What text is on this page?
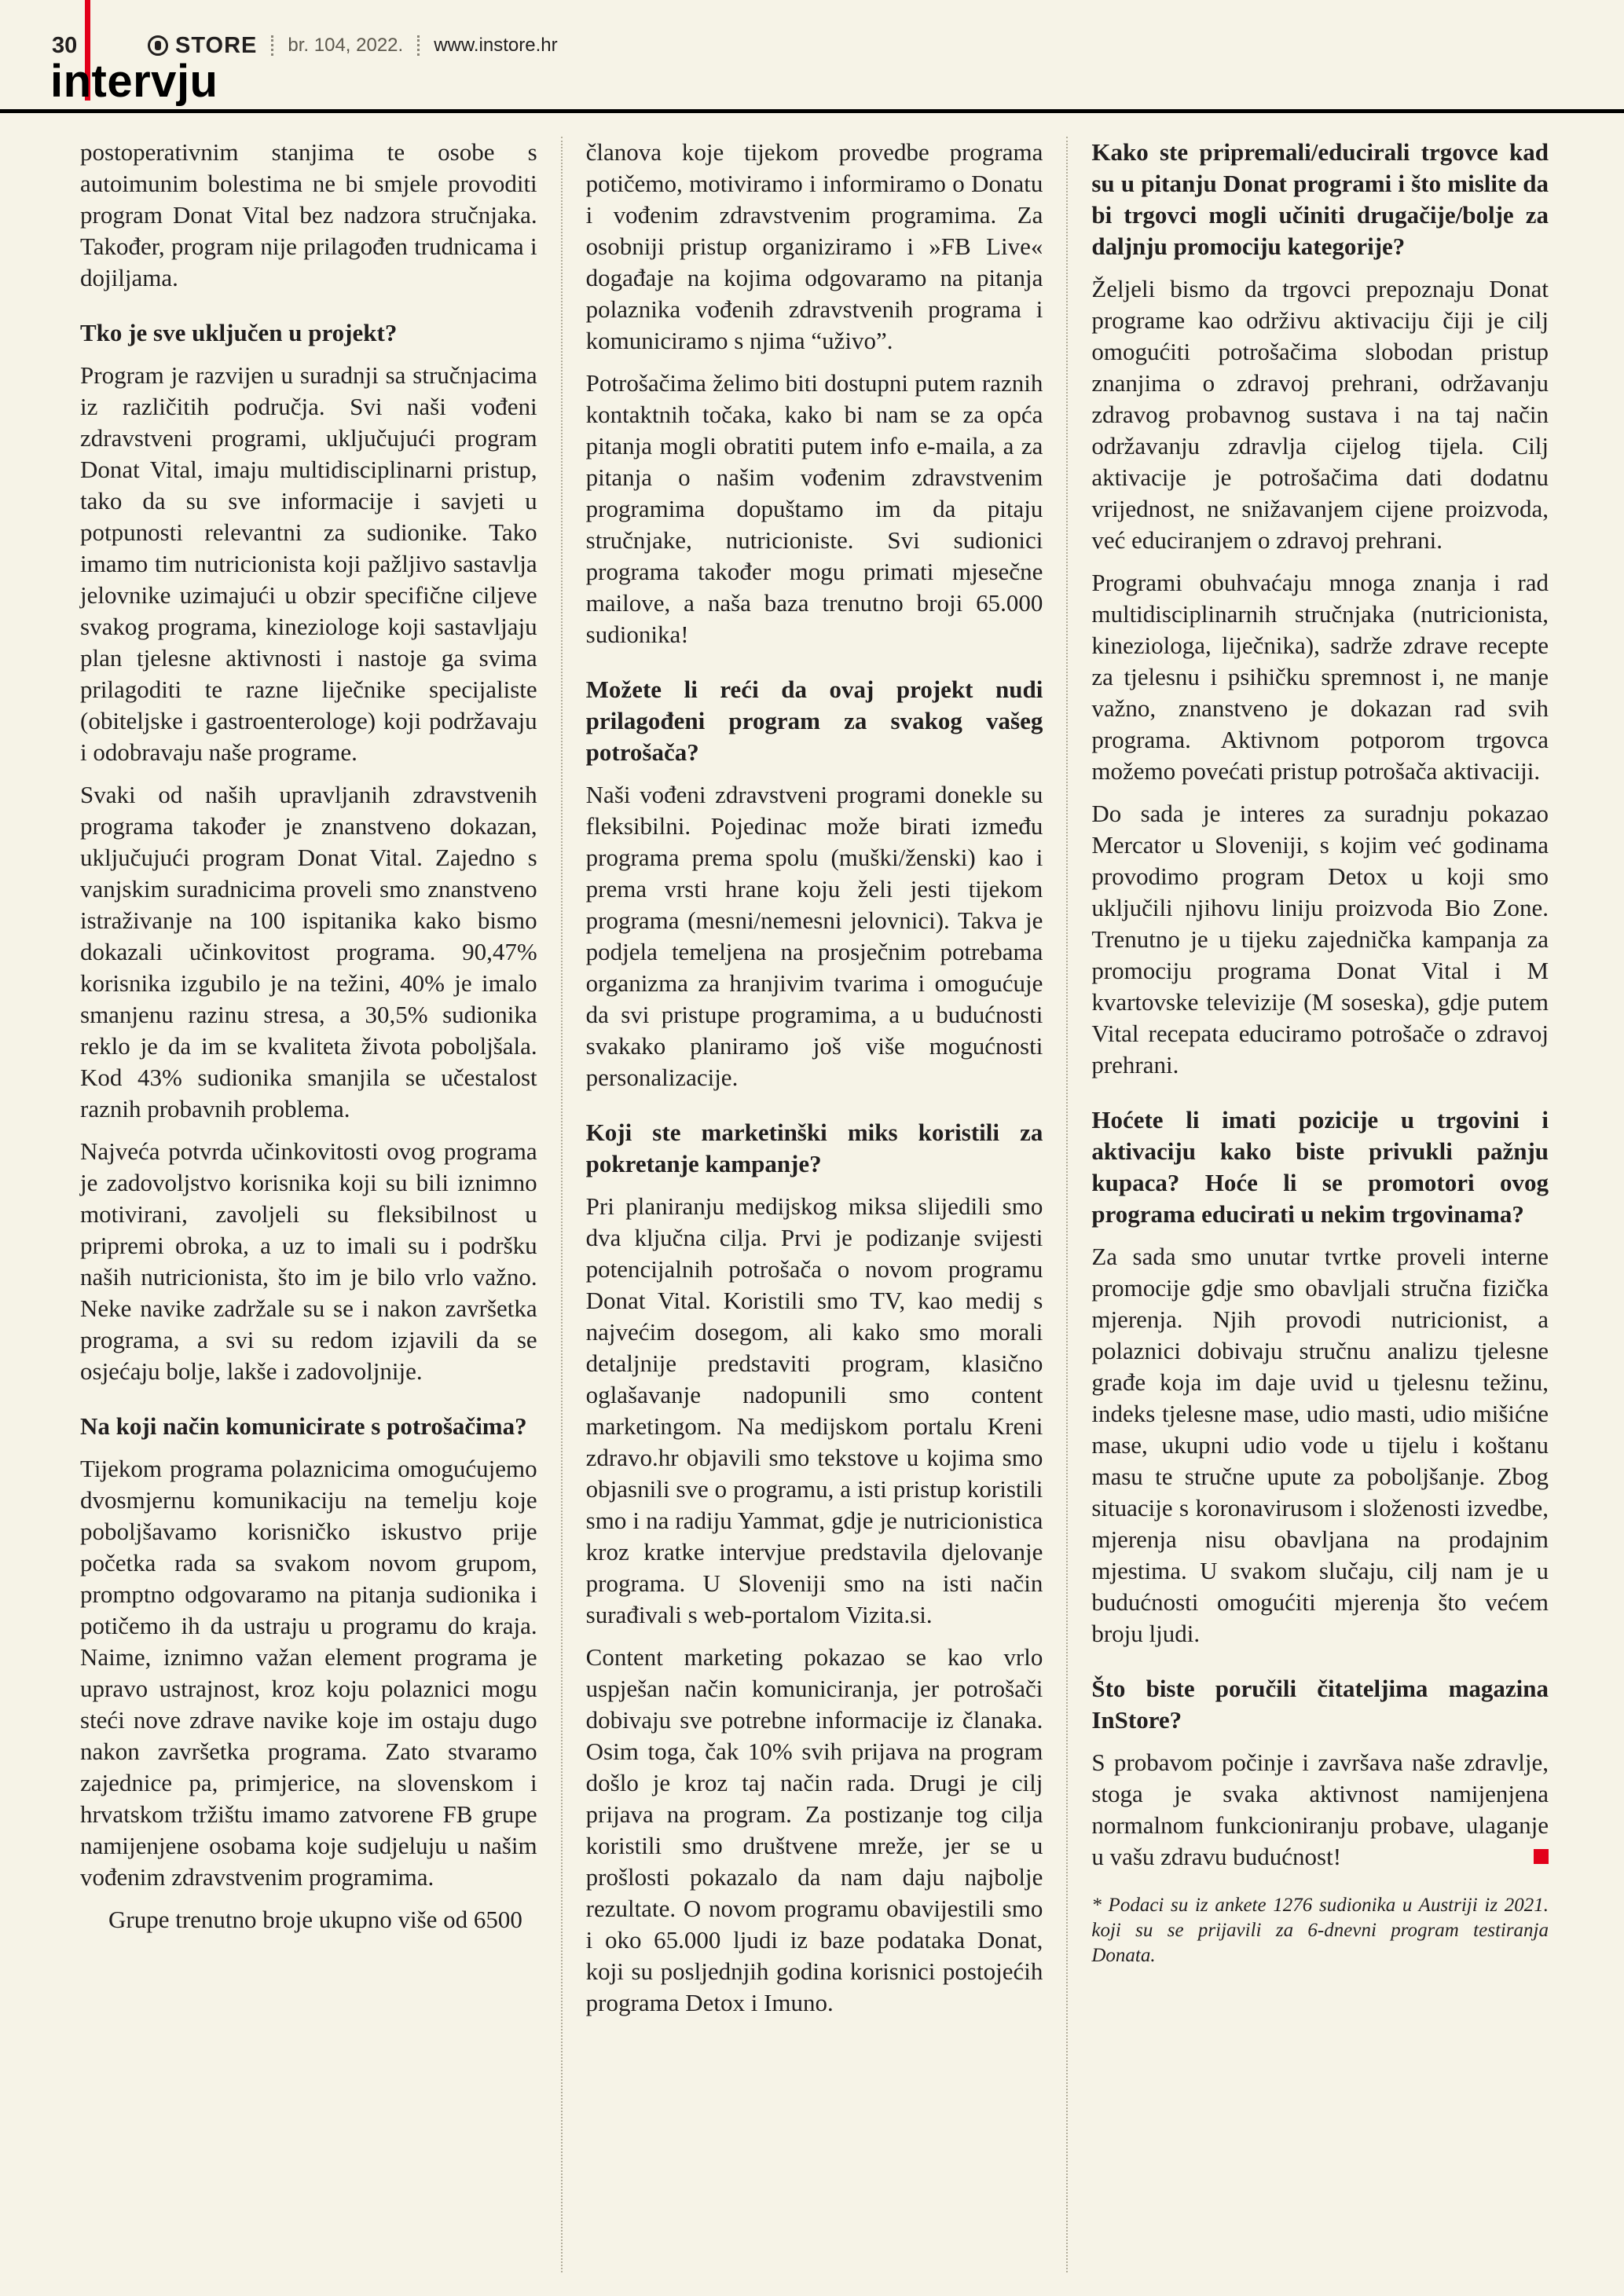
30	STORE br. 104, 2022. www.instore.hr
intervju

postoperativnim stanjima te osobe s autoimunim bolestima ne bi smjele provoditi program Donat Vital bez nadzora stručnjaka. Također, program nije prilagođen trudnicama i dojiljama.

Tko je sve uključen u projekt?

Program je razvijen u suradnji sa stručnjacima iz različitih područja. Svi naši vođeni zdravstveni programi, uključujući program Donat Vital, imaju multidisciplinarni pristup, tako da su sve informacije i savjeti u potpunosti relevantni za sudionike. Tako imamo tim nutricionista koji pažljivo sastavlja jelovnike uzimajući u obzir specifične ciljeve svakog programa, kineziologe koji sastavljaju plan tjelesne aktivnosti i nastoje ga svima prilagoditi te razne liječnike specijaliste (obiteljske i gastroenterologe) koji podržavaju i odobravaju naše programe.

Svaki od naših upravljanih zdravstvenih programa također je znanstveno dokazan, uključujući program Donat Vital. Zajedno s vanjskim suradnicima proveli smo znanstveno istraživanje na 100 ispitanika kako bismo dokazali učinkovitost programa. 90,47% korisnika izgubilo je na težini, 40% je imalo smanjenu razinu stresa, a 30,5% sudionika reklo je da im se kvaliteta života poboljšala. Kod 43% sudionika smanjila se učestalost raznih probavnih problema.

Najveća potvrda učinkovitosti ovog programa je zadovoljstvo korisnika koji su bili iznimno motivirani, zavoljeli su fleksibilnost u pripremi obroka, a uz to imali su i podršku naših nutricionista, što im je bilo vrlo važno. Neke navike zadržale su se i nakon završetka programa, a svi su redom izjavili da se osjećaju bolje, lakše i zadovoljnije.

Na koji način komunicirate s potrošačima?

Tijekom programa polaznicima omogućujemo dvosmjernu komunikaciju na temelju koje poboljšavamo korisničko iskustvo prije početka rada sa svakom novom grupom, promptno odgovaramo na pitanja sudionika i potičemo ih da ustraju u programu do kraja. Naime, iznimno važan element programa je upravo ustrajnost, kroz koju polaznici mogu steći nove zdrave navike koje im ostaju dugo nakon završetka programa. Zato stvaramo zajednice pa, primjerice, na slovenskom i hrvatskom tržištu imamo zatvorene FB grupe namijenjene osobama koje sudjeluju u našim vođenim zdravstvenim programima.

Grupe trenutno broje ukupno više od 6500

članova koje tijekom provedbe programa potičemo, motiviramo i informiramo o Donatu i vođenim zdravstvenim programima. Za osobniji pristup organiziramo i »FB Live« događaje na kojima odgovaramo na pitanja polaznika vođenih zdravstvenih programa i komuniciramo s njima “uživo”.

Potrošačima želimo biti dostupni putem raznih kontaktnih točaka, kako bi nam se za opća pitanja mogli obratiti putem info e-maila, a za pitanja o našim vođenim zdravstvenim programima dopuštamo im da pitaju stručnjake, nutricioniste. Svi sudionici programa također mogu primati mjesečne mailove, a naša baza trenutno broji 65.000 sudionika!

Možete li reći da ovaj projekt nudi prilagođeni program za svakog vašeg potrošača?

Naši vođeni zdravstveni programi donekle su fleksibilni. Pojedinac može birati između programa prema spolu (muški/ženski) kao i prema vrsti hrane koju želi jesti tijekom programa (mesni/nemesni jelovnici). Takva je podjela temeljena na prosječnim potrebama organizma za hranjivim tvarima i omogućuje da svi pristupe programima, a u budućnosti svakako planiramo još više mogućnosti personalizacije.

Koji ste marketinški miks koristili za pokretanje kampanje?

Pri planiranju medijskog miksa slijedili smo dva ključna cilja. Prvi je podizanje svijesti potencijalnih potrošača o novom programu Donat Vital. Koristili smo TV, kao medij s najvećim dosegom, ali kako smo morali detaljnije predstaviti program, klasično oglašavanje nadopunili smo content marketingom. Na medijskom portalu Kreni zdravo.hr objavili smo tekstove u kojima smo objasnili sve o programu, a isti pristup koristili smo i na radiju Yammat, gdje je nutricionistica kroz kratke intervjue predstavila djelovanje programa. U Sloveniji smo na isti način surađivali s web-portalom Vizita.si.

Content marketing pokazao se kao vrlo uspješan način komuniciranja, jer potrošači dobivaju sve potrebne informacije iz članaka. Osim toga, čak 10% svih prijava na program došlo je kroz taj način rada. Drugi je cilj prijava na program. Za postizanje tog cilja koristili smo društvene mreže, jer se u prošlosti pokazalo da nam daju najbolje rezultate. O novom programu obavijestili smo i oko 65.000 ljudi iz baze podataka Donat, koji su posljednjih godina korisnici postojećih programa Detox i Imuno.

Kako ste pripremali/educirali trgovce kad su u pitanju Donat programi i što mislite da bi trgovci mogli učiniti drugačije/bolje za daljnju promociju kategorije?

Željeli bismo da trgovci prepoznaju Donat programe kao održivu aktivaciju čiji je cilj omogućiti potrošačima slobodan pristup znanjima o zdravoj prehrani, održavanju zdravog probavnog sustava i na taj način održavanju zdravlja cijelog tijela. Cilj aktivacije je potrošačima dati dodatnu vrijednost, ne snižavanjem cijene proizvoda, već educiranjem o zdravoj prehrani.

Programi obuhvaćaju mnoga znanja i rad multidisciplinarnih stručnjaka (nutricionista, kineziologa, liječnika), sadrže zdrave recepte za tjelesnu i psihičku spremnost i, ne manje važno, znanstveno je dokazan rad svih programa. Aktivnom potporom trgovca možemo povećati pristup potrošača aktivaciji.

Do sada je interes za suradnju pokazao Mercator u Sloveniji, s kojim već godinama provodimo program Detox u koji smo uključili njihovu liniju proizvoda Bio Zone. Trenutno je u tijeku zajednička kampanja za promociju programa Donat Vital i M kvartovske televizije (M soseska), gdje putem Vital recepata educiramo potrošače o zdravoj prehrani.

Hoćete li imati pozicije u trgovini i aktivaciju kako biste privukli pažnju kupaca? Hoće li se promotori ovog programa educirati u nekim trgovinama?

Za sada smo unutar tvrtke proveli interne promocije gdje smo obavljali stručna fizička mjerenja. Njih provodi nutricionist, a polaznici dobivaju stručnu analizu tjelesne građe koja im daje uvid u tjelesnu težinu, indeks tjelesne mase, udio masti, udio mišićne mase, ukupni udio vode u tijelu i koštanu masu te stručne upute za poboljšanje. Zbog situacije s koronavirusom i složenosti izvedbe, mjerenja nisu obavljana na prodajnim mjestima. U svakom slučaju, cilj nam je u budućnosti omogućiti mjerenja što većem broju ljudi.

Što biste poručili čitateljima magazina InStore?

S probavom počinje i završava naše zdravlje, stoga je svaka aktivnost namijenjena normalnom funkcioniranju probave, ulaganje u vašu zdravu budućnost!

* Podaci su iz ankete 1276 sudionika u Austriji iz 2021. koji su se prijavili za 6-dnevni program testiranja Donata.
